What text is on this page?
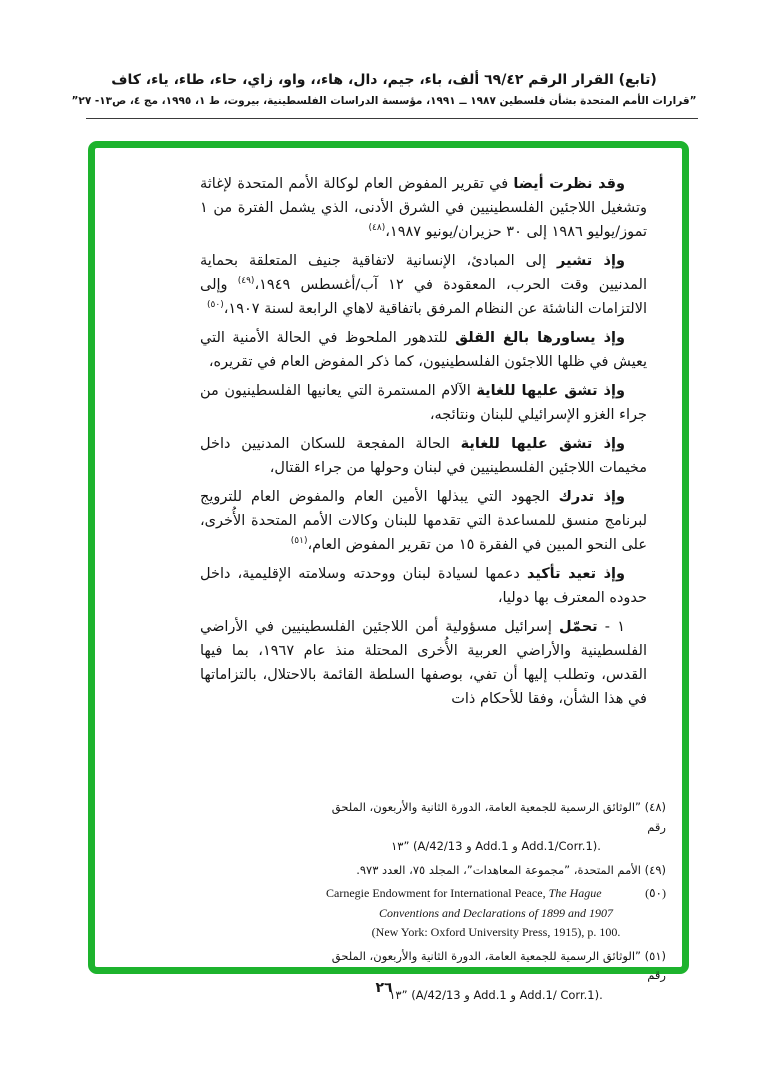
(تابع) القرار الرقم ٦٩/٤٢ ألف، باء، جيم، دال، هاء،، واو، زاي، حاء، طاء، ياء، كاف
”قرارات الأمم المتحدة بشأن فلسطين ١٩٨٧ ــ ١٩٩١، مؤسسة الدراسات الفلسطينية، بيروت، ط ١، ١٩٩٥، مج ٤، ص١٣- ٢٧”

وقد نظرت أيضا في تقرير المفوض العام لوكالة الأمم المتحدة لإغاثة وتشغيل اللاجئين الفلسطينيين في الشرق الأدنى، الذي يشمل الفترة من ١ تموز/يوليو ١٩٨٦ إلى ٣٠ حزيران/يونيو ١٩٨٧،$^{(٤٨)}$

وإذ تشير إلى المبادئ، الإنسانية لاتفاقية جنيف المتعلقة بحماية المدنيين وقت الحرب، المعقودة في ١٢ آب/أغسطس ١٩٤٩،$^{(٤٩)}$ وإلى الالتزامات الناشئة عن النظام المرفق باتفاقية لاهاي الرابعة لسنة ١٩٠٧،$^{(٥٠)}$

وإذ يساورها بالغ القلق للتدهور الملحوظ في الحالة الأمنية التي يعيش في ظلها اللاجئون الفلسطينيون، كما ذكر المفوض العام في تقريره،

وإذ تشق عليها للغاية الآلام المستمرة التي يعانيها الفلسطينيون من جراء الغزو الإسرائيلي للبنان ونتائجه،

وإذ تشق عليها للغاية الحالة المفجعة للسكان المدنيين داخل مخيمات اللاجئين الفلسطينيين في لبنان وحولها من جراء القتال،

وإذ تدرك الجهود التي يبذلها الأمين العام والمفوض العام للترويج لبرنامج منسق للمساعدة التي تقدمها للبنان وكالات الأمم المتحدة الأُخرى، على النحو المبين في الفقرة ١٥ من تقرير المفوض العام،$^{(٥١)}$

وإذ تعيد تأكيد دعمها لسيادة لبنان ووحدته وسلامته الإقليمية، داخل حدوده المعترف بها دوليا،

١ - تحمّل إسرائيل مسؤولية أمن اللاجئين الفلسطينيين في الأراضي الفلسطينية والأراضي العربية الأُخرى المحتلة منذ عام ١٩٦٧، بما فيها القدس، وتطلب إليها أن تفي، بوصفها السلطة القائمة بالاحتلال، بالتزاماتها في هذا الشأن، وفقا للأحكام ذات

(٤٨) ”الوثائق الرسمية للجمعية العامة، الدورة الثانية والأربعون، الملحق رقم
١٣” (A/42/13 و Add.1 و Add.1/Corr.1).
(٤٩) الأمم المتحدة، ”مجموعة المعاهدات”، المجلد ٧٥، العدد ٩٧٣.
Carnegie Endowment for International Peace, The Hague	(٥٠)
Conventions and Declarations of 1899 and 1907
(New York: Oxford University Press, 1915), p. 100.
(٥١) ”الوثائق الرسمية للجمعية العامة، الدورة الثانية والأربعون، الملحق رقم
١٣” (A/42/13 و Add.1 و Add.1/ Corr.1).
٢٦
